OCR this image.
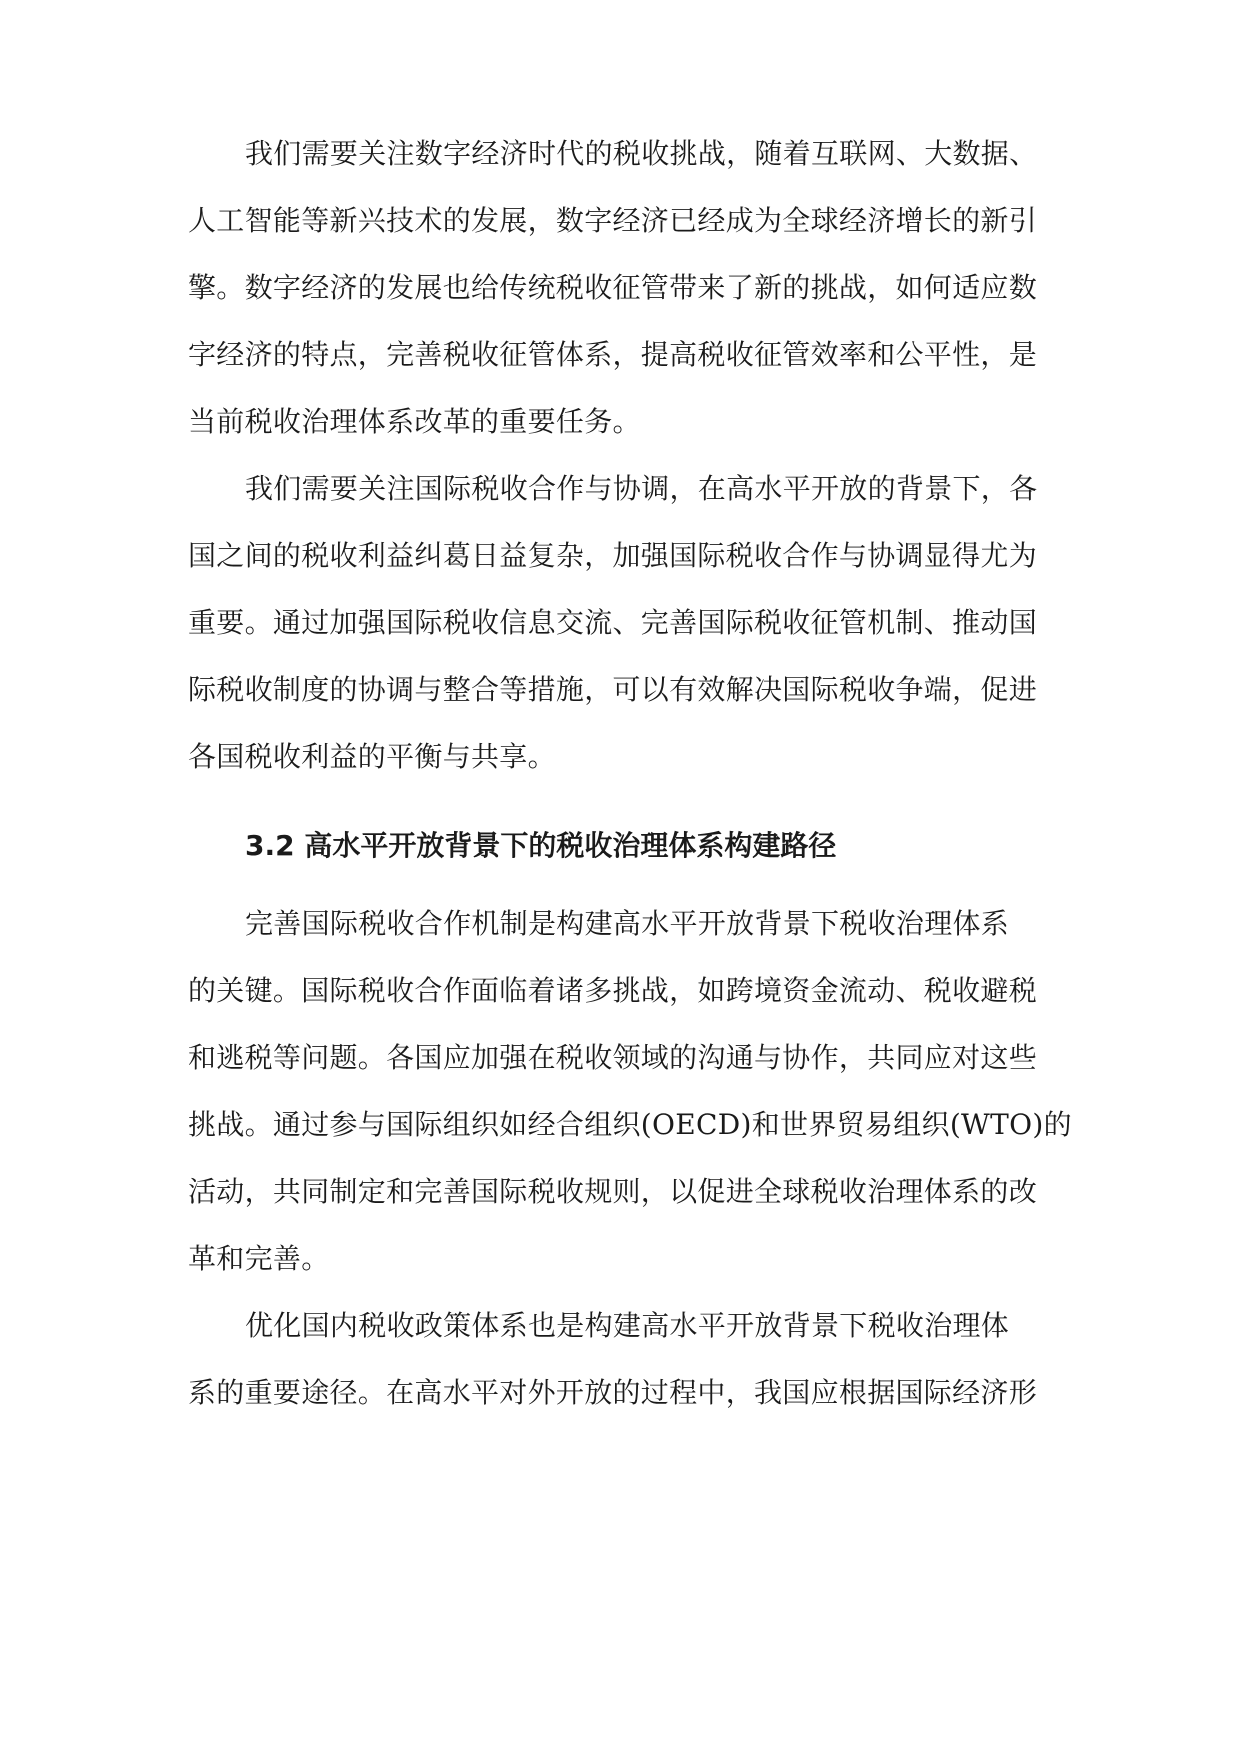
我们需要关注数字经济时代的税收挑战，随着互联网、大数据、
人工智能等新兴技术的发展，数字经济已经成为全球经济增长的新引
擎。数字经济的发展也给传统税收征管带来了新的挑战，如何适应数
字经济的特点，完善税收征管体系，提高税收征管效率和公平性，是
当前税收治理体系改革的重要任务。
我们需要关注国际税收合作与协调，在高水平开放的背景下，各
国之间的税收利益纠葛日益复杂，加强国际税收合作与协调显得尤为
重要。通过加强国际税收信息交流、完善国际税收征管机制、推动国
际税收制度的协调与整合等措施，可以有效解决国际税收争端，促进
各国税收利益的平衡与共享。
3.2 高水平开放背景下的税收治理体系构建路径
完善国际税收合作机制是构建高水平开放背景下税收治理体系
的关键。国际税收合作面临着诸多挑战，如跨境资金流动、税收避税
和逃税等问题。各国应加强在税收领域的沟通与协作，共同应对这些
挑战。通过参与国际组织如经合组织(OECD)和世界贸易组织(WTO)的
活动，共同制定和完善国际税收规则，以促进全球税收治理体系的改
革和完善。
优化国内税收政策体系也是构建高水平开放背景下税收治理体
系的重要途径。在高水平对外开放的过程中，我国应根据国际经济形
